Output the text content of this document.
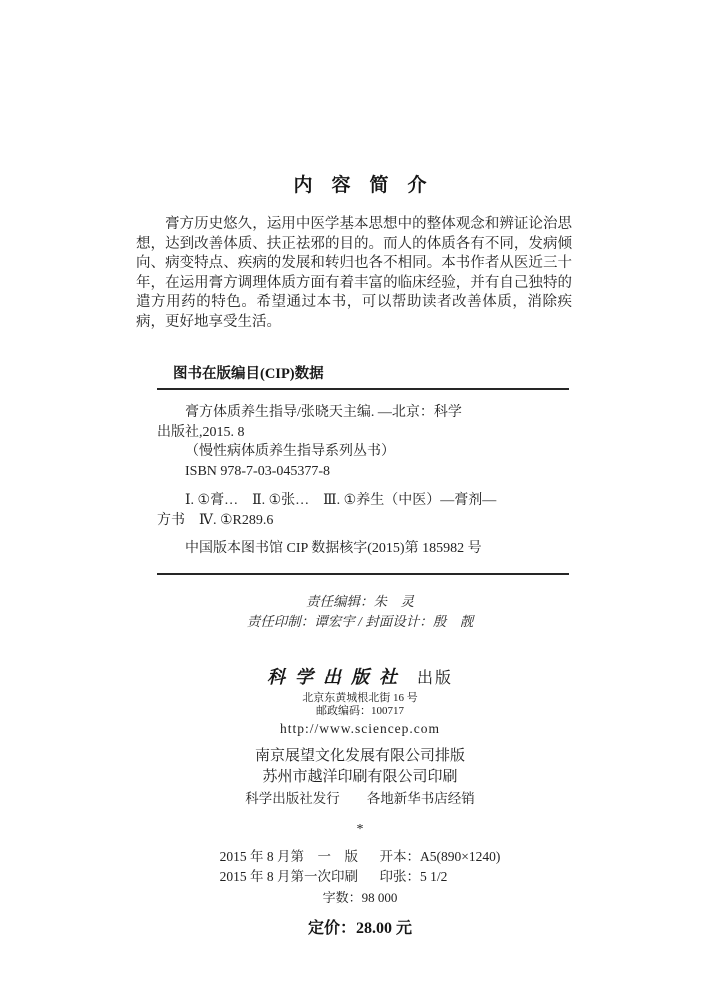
内容简介

膏方历史悠久，运用中医学基本思想中的整体观念和辨证论治思想，达到改善体质、扶正祛邪的目的。而人的体质各有不同，发病倾向、病变特点、疾病的发展和转归也各不相同。本书作者从医近三十年，在运用膏方调理体质方面有着丰富的临床经验，并有自己独特的遣方用药的特色。希望通过本书，可以帮助读者改善体质，消除疾病，更好地享受生活。

图书在版编目(CIP)数据
膏方体质养生指导/张晓天主编. —北京：科学
出版社,2015. 8
（慢性病体质养生指导系列丛书）
ISBN 978-7-03-045377-8
Ⅰ. ①膏…　Ⅱ. ①张…　Ⅲ. ①养生（中医）—膏剂—
方书　Ⅳ. ①R289.6
中国版本图书馆 CIP 数据核字(2015)第 185982 号
责任编辑：朱　灵
责任印制：谭宏宇 / 封面设计：殷　靓
科学出版社 出版
北京东黄城根北街 16 号
邮政编码：100717
http://www.sciencep.com
南京展望文化发展有限公司排版
苏州市越洋印刷有限公司印刷
科学出版社发行　　各地新华书店经销
*
2015 年 8 月第　一　版 开本：A5(890×1240)
2015 年 8 月第一次印刷 印张：5 1/2
字数：98 000
定价：28.00 元
